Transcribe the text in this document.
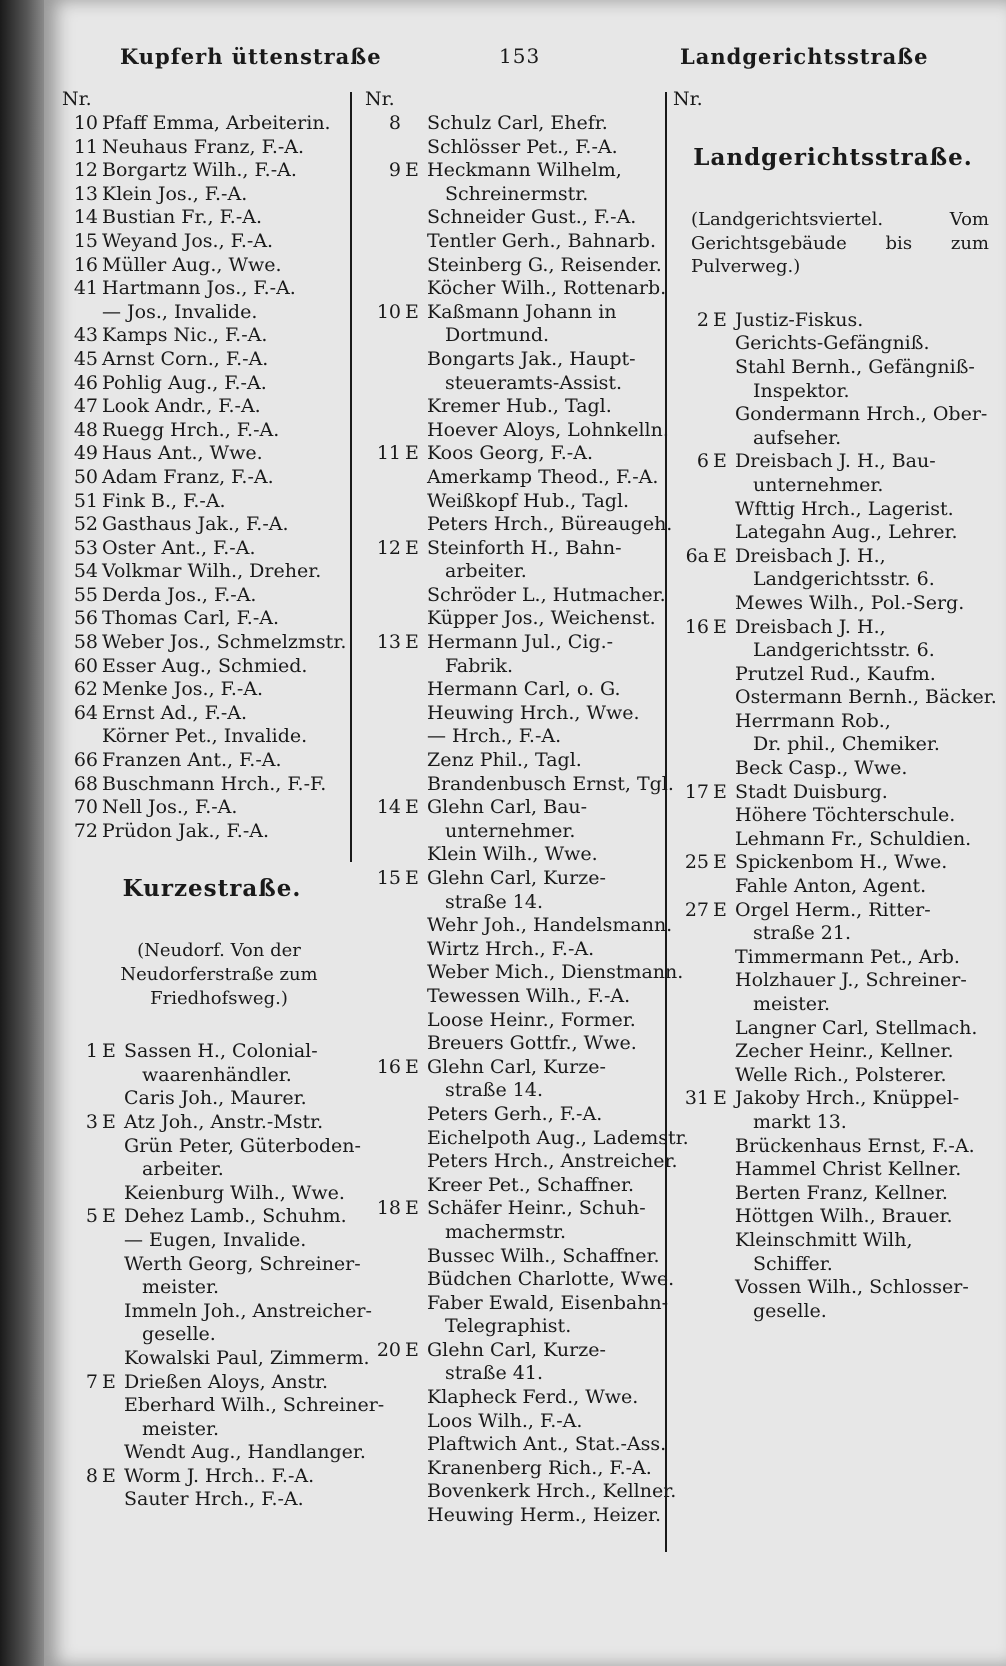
Kupferh üttenstraße	153	Landgerichtsstraße
Nr.
10 Pfaff Emma, Arbeiterin.
11 Neuhaus Franz, F.-A.
12 Borgartz Wilh., F.-A.
13 Klein Jos., F.-A.
14 Bustian Fr., F.-A.
15 Weyand Jos., F.-A.
16 Müller Aug., Wwe.
41 Hartmann Jos., F.-A.
— Jos., Invalide.
43 Kamps Nic., F.-A.
45 Arnst Corn., F.-A.
46 Pohlig Aug., F.-A.
47 Look Andr., F.-A.
48 Ruegg Hrch., F.-A.
49 Haus Ant., Wwe.
50 Adam Franz, F.-A.
51 Fink B., F.-A.
52 Gasthaus Jak., F.-A.
53 Oster Ant., F.-A.
54 Volkmar Wilh., Dreher.
55 Derda Jos., F.-A.
56 Thomas Carl, F.-A.
58 Weber Jos., Schmelzmstr.
60 Esser Aug., Schmied.
62 Menke Jos., F.-A.
64 Ernst Ad., F.-A.
Körner Pet., Invalide.
66 Franzen Ant., F.-A.
68 Buschmann Hrch., F.-F.
70 Nell Jos., F.-A.
72 Prüdon Jak., F.-A.
Kurzestraße.
(Neudorf. Von der Neudorferstraße zum Friedhofsweg.)
1 E Sassen H., Colonial-
waarenhändler.
Caris Joh., Maurer.
3 E Atz Joh., Anstr.-Mstr.
Grün Peter, Güterboden-
arbeiter.
Keienburg Wilh., Wwe.
5 E Dehez Lamb., Schuhm.
— Eugen, Invalide.
Werth Georg, Schreiner-
meister.
Immeln Joh., Anstreicher-
geselle.
Kowalski Paul, Zimmerm.
7 E Drießen Aloys, Anstr.
Eberhard Wilh., Schreiner-
meister.
Wendt Aug., Handlanger.
8 E Worm J. Hrch.. F.-A.
Sauter Hrch., F.-A.
Nr.
8 Schulz Carl, Ehefr.
Schlösser Pet., F.-A.
9 E Heckmann Wilhelm,
Schreinermstr.
Schneider Gust., F.-A.
Tentler Gerh., Bahnarb.
Steinberg G., Reisender.
Köcher Wilh., Rottenarb.
10 E Kaßmann Johann in
Dortmund.
Bongarts Jak., Haupt-
steueramts-Assist.
Kremer Hub., Tagl.
Hoever Aloys, Lohnkelln.
11 E Koos Georg, F.-A.
Amerkamp Theod., F.-A.
Weißkopf Hub., Tagl.
Peters Hrch., Büreaugeh.
12 E Steinforth H., Bahn-
arbeiter.
Schröder L., Hutmacher.
Küpper Jos., Weichenst.
13 E Hermann Jul., Cig.-
Fabrik.
Hermann Carl, o. G.
Heuwing Hrch., Wwe.
— Hrch., F.-A.
Zenz Phil., Tagl.
Brandenbusch Ernst, Tgl.
14 E Glehn Carl, Bau-
unternehmer.
Klein Wilh., Wwe.
15 E Glehn Carl, Kurze-
straße 14.
Wehr Joh., Handelsmann.
Wirtz Hrch., F.-A.
Weber Mich., Dienstmann.
Tewessen Wilh., F.-A.
Loose Heinr., Former.
Breuers Gottfr., Wwe.
16 E Glehn Carl, Kurze-
straße 14.
Peters Gerh., F.-A.
Eichelpoth Aug., Lademstr.
Peters Hrch., Anstreicher.
Kreer Pet., Schaffner.
18 E Schäfer Heinr., Schuh-
machermstr.
Bussec Wilh., Schaffner.
Büdchen Charlotte, Wwe.
Faber Ewald, Eisenbahn-
Telegraphist.
20 E Glehn Carl, Kurze-
straße 41.
Klapheck Ferd., Wwe.
Loos Wilh., F.-A.
Plaftwich Ant., Stat.-Ass.
Kranenberg Rich., F.-A.
Bovenkerk Hrch., Kellner.
Heuwing Herm., Heizer.
Nr.
Landgerichtsstraße.
(Landgerichtsviertel. Vom Gerichtsgebäude bis zum Pulverweg.)
2 E Justiz-Fiskus.
Gerichts-Gefängniß.
Stahl Bernh., Gefängniß-
Inspektor.
Gondermann Hrch., Ober-
aufseher.
6 E Dreisbach J. H., Bau-
unternehmer.
Wfttig Hrch., Lagerist.
Lategahn Aug., Lehrer.
6a E Dreisbach J. H.,
Landgerichtsstr. 6.
Mewes Wilh., Pol.-Serg.
16 E Dreisbach J. H.,
Landgerichtsstr. 6.
Prutzel Rud., Kaufm.
Ostermann Bernh., Bäcker.
Herrmann Rob.,
Dr. phil., Chemiker.
Beck Casp., Wwe.
17 E Stadt Duisburg.
Höhere Töchterschule.
Lehmann Fr., Schuldien.
25 E Spickenbom H., Wwe.
Fahle Anton, Agent.
27 E Orgel Herm., Ritter-
straße 21.
Timmermann Pet., Arb.
Holzhauer J., Schreiner-
meister.
Langner Carl, Stellmach.
Zecher Heinr., Kellner.
Welle Rich., Polsterer.
31 E Jakoby Hrch., Knüppel-
markt 13.
Brückenhaus Ernst, F.-A.
Hammel Christ Kellner.
Berten Franz, Kellner.
Höttgen Wilh., Brauer.
Kleinschmitt Wilh,
Schiffer.
Vossen Wilh., Schlosser-
geselle.
